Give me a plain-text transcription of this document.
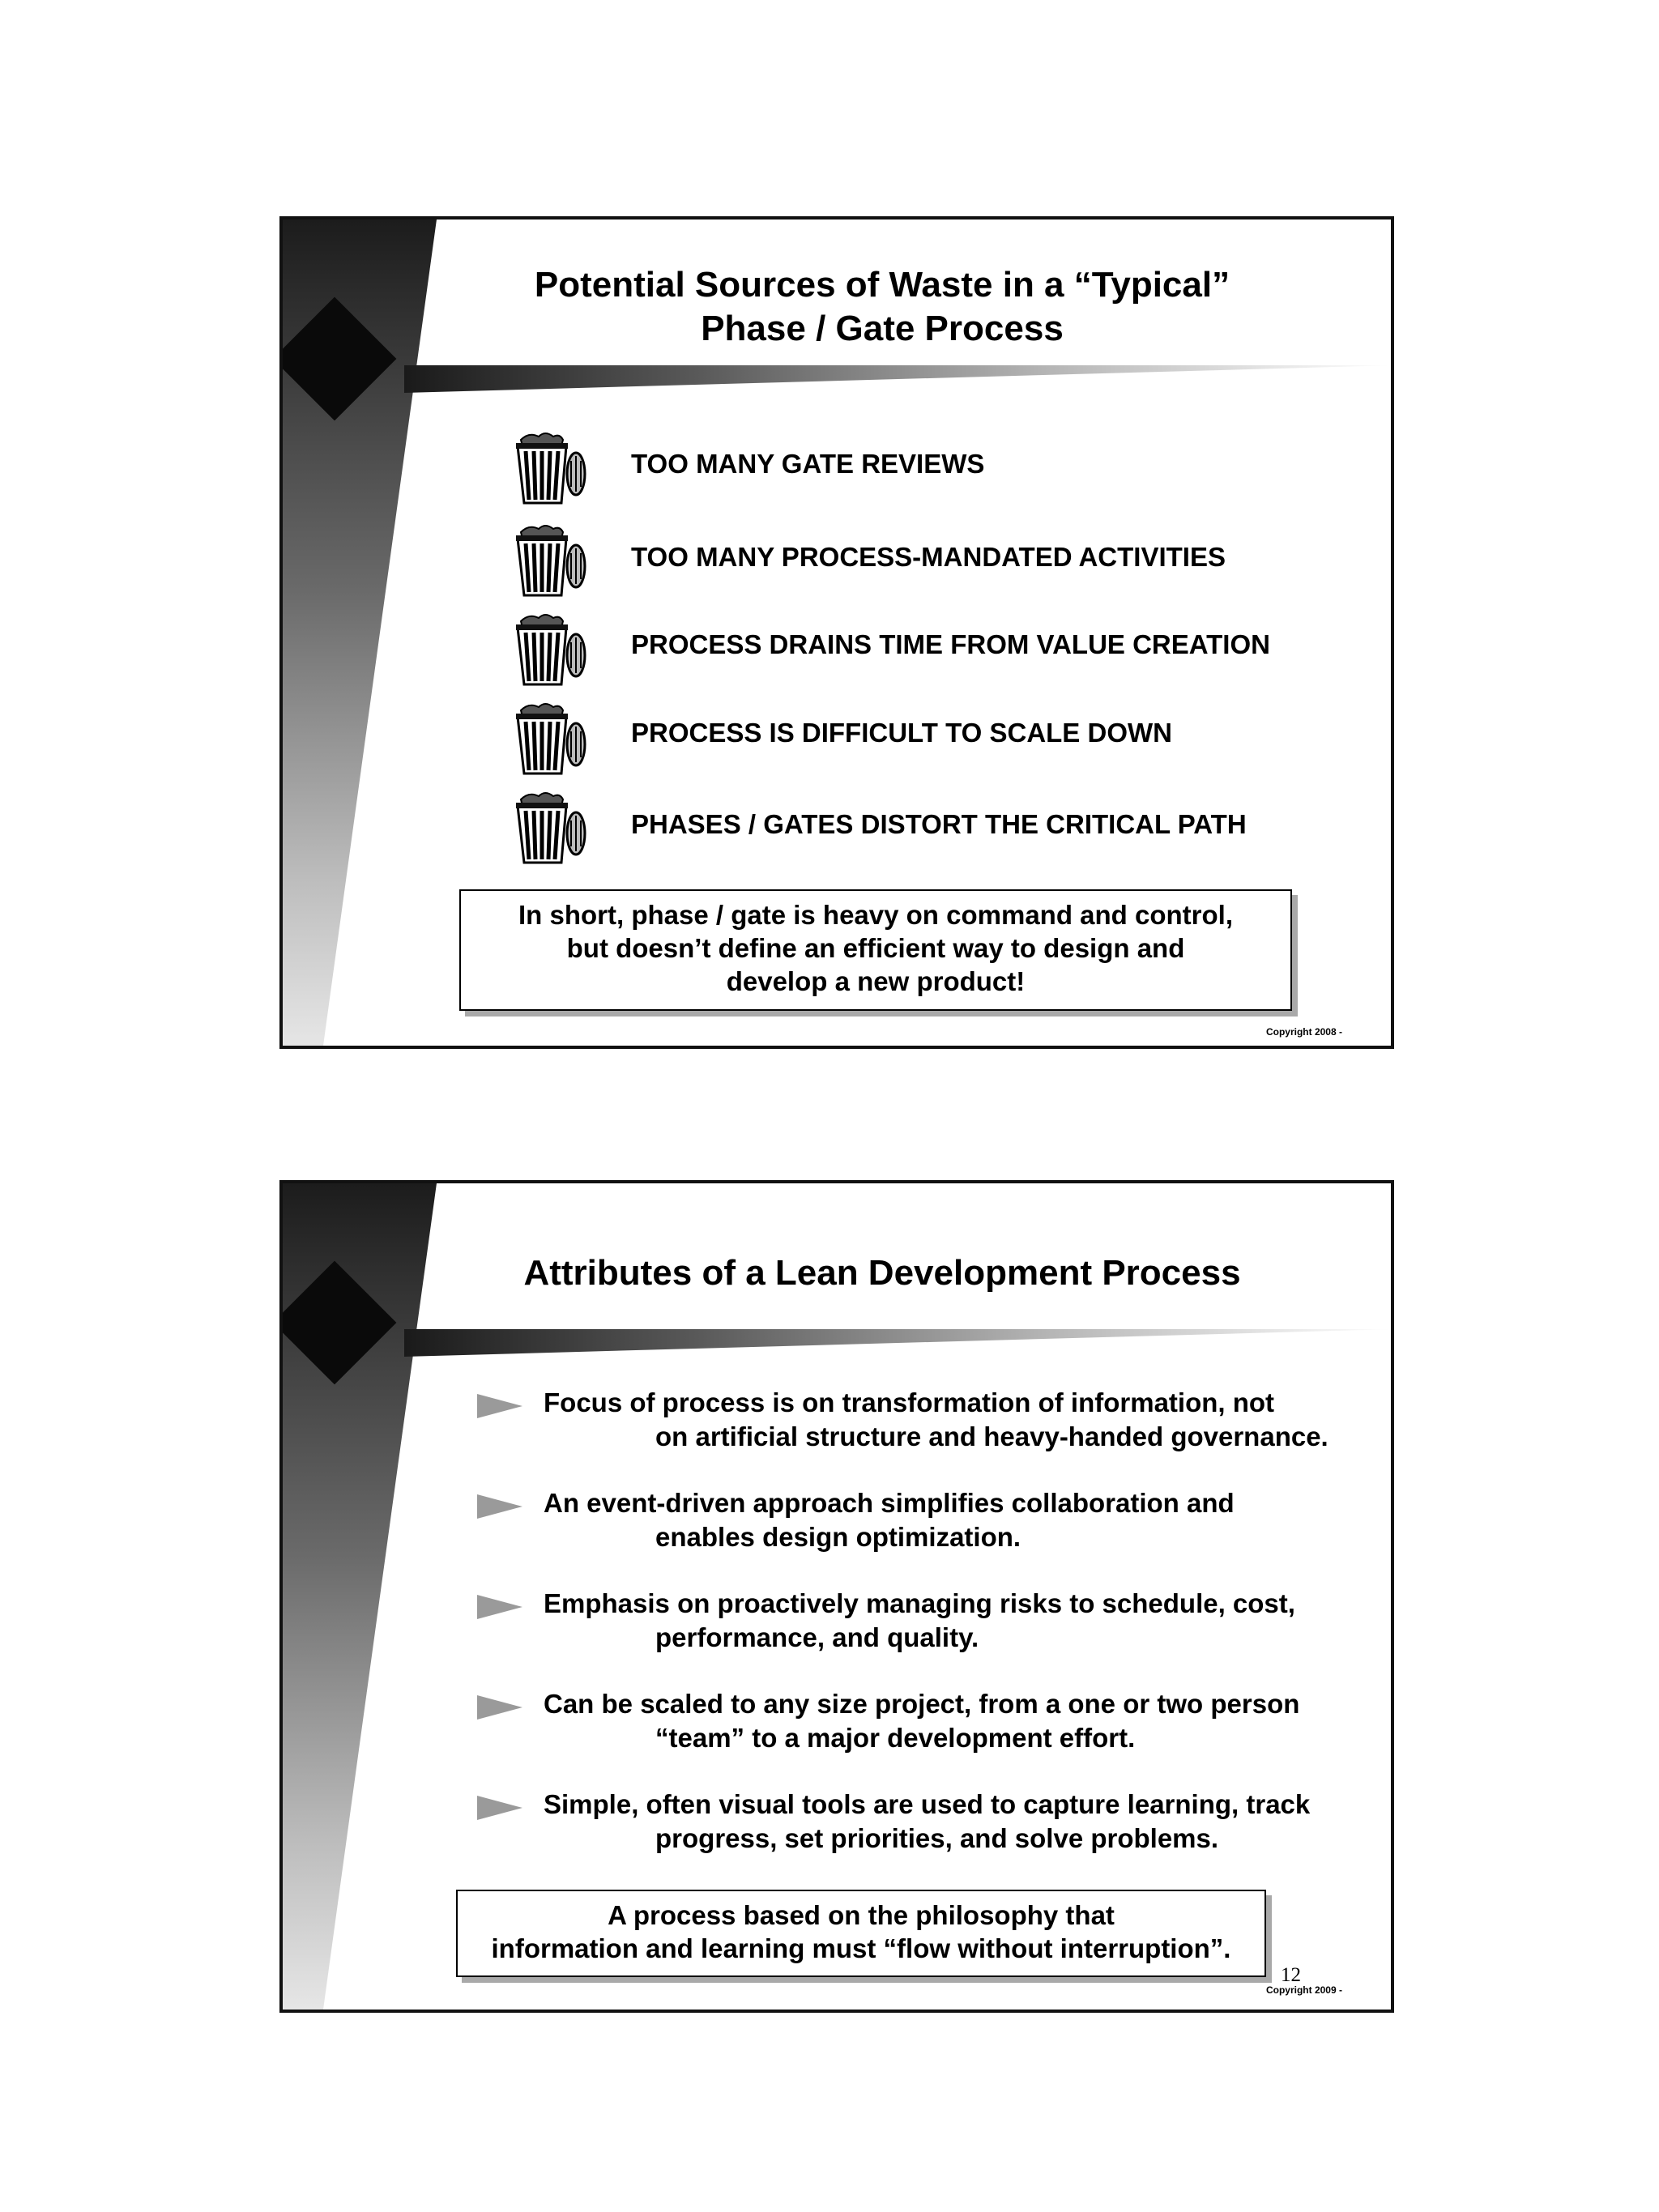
Potential Sources of Waste in a “Typical”
Phase / Gate Process
TOO MANY GATE REVIEWS
TOO MANY PROCESS-MANDATED ACTIVITIES
PROCESS DRAINS TIME FROM VALUE CREATION
PROCESS IS DIFFICULT TO SCALE DOWN
PHASES / GATES DISTORT THE CRITICAL PATH
In short, phase / gate is heavy on command and control,
but doesn’t define an efficient way to design and
develop a new product!
Copyright 2008 -
Attributes of a Lean Development Process
Focus of process is on transformation of information, not
on artificial structure and heavy-handed governance.
An event-driven approach simplifies collaboration and
enables design optimization.
Emphasis on proactively managing risks to schedule, cost,
performance, and quality.
Can be scaled to any size project, from a one or two person
“team” to a major development effort.
Simple, often visual tools are used to capture learning, track
progress, set priorities, and solve problems.
A process based on the philosophy that
information and learning must “flow without interruption”.
12
Copyright 2009 -
